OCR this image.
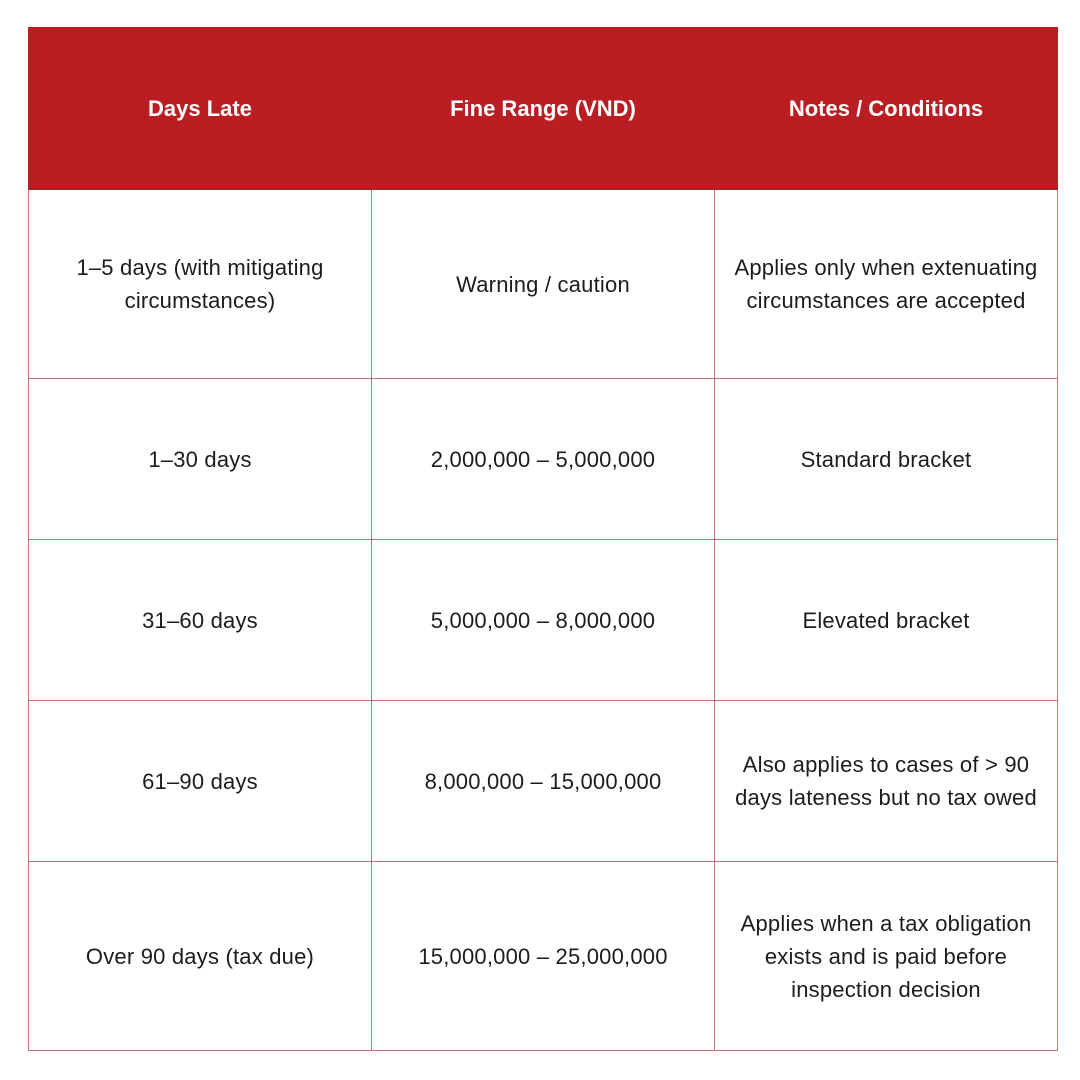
Days Late	Fine Range (VND)	Notes / Conditions
1–5 days (with mitigating circumstances)	Warning / caution	Applies only when extenuating circumstances are accepted
1–30 days	2,000,000 – 5,000,000	Standard bracket
31–60 days	5,000,000 – 8,000,000	Elevated bracket
61–90 days	8,000,000 – 15,000,000	Also applies to cases of > 90 days lateness but no tax owed
Over 90 days (tax due)	15,000,000 – 25,000,000	Applies when a tax obligation exists and is paid before inspection decision
